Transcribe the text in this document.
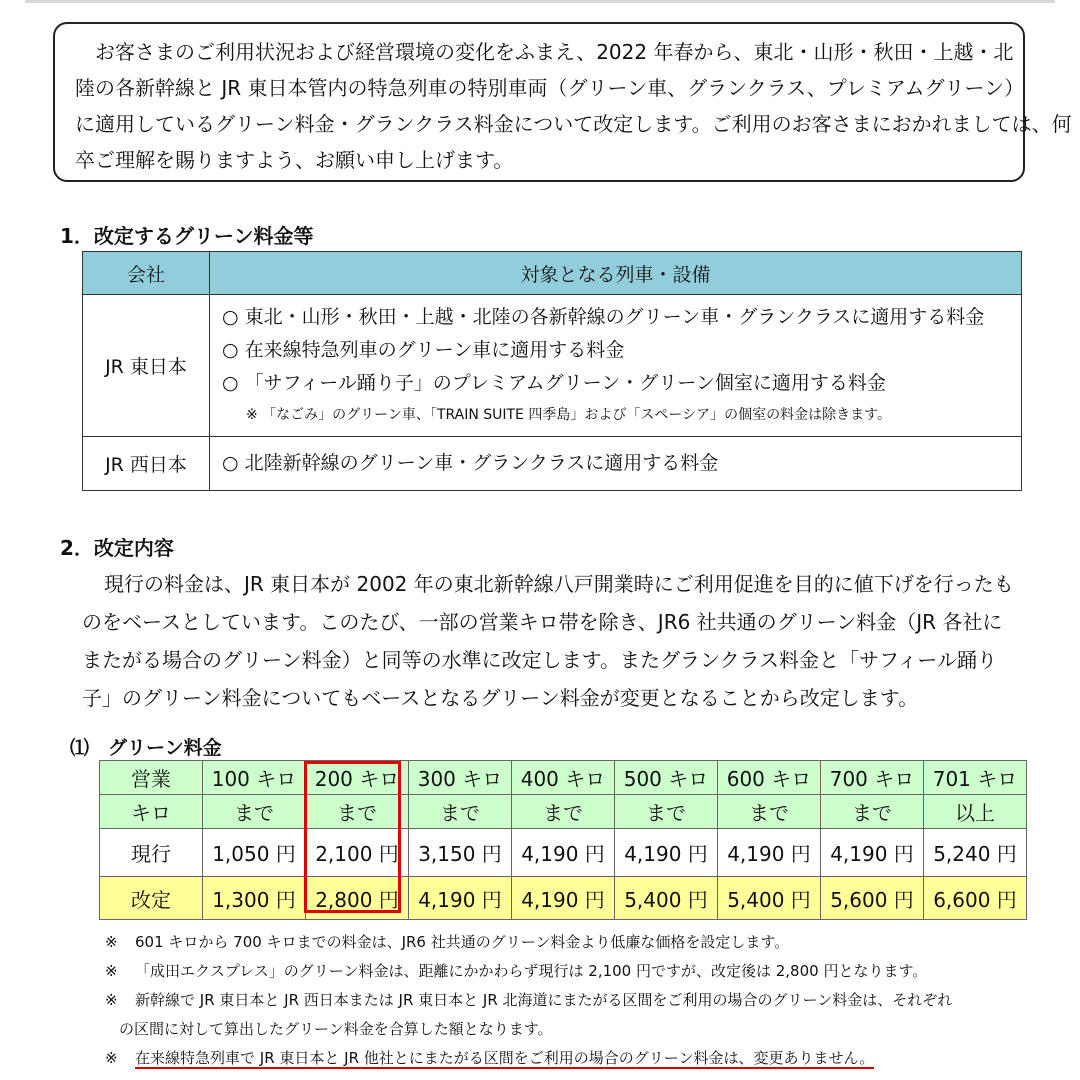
お客さまのご利用状況および経営環境の変化をふまえ、2022 年春から、東北・山形・秋田・上越・北
陸の各新幹線と JR 東日本管内の特急列車の特別車両（グリーン車、グランクラス、プレミアムグリーン）
に適用しているグリーン料金・グランクラス料金について改定します。ご利用のお客さまにおかれましては、何
卒ご理解を賜りますよう、お願い申し上げます。
1．改定するグリーン料金等
会社	対象となる列車・設備
JR 東日本	○ 東北・山形・秋田・上越・北陸の各新幹線のグリーン車・グランクラスに適用する料金
○ 在来線特急列車のグリーン車に適用する料金
○ 「サフィール踊り子」のプレミアムグリーン・グリーン個室に適用する料金
※ 「なごみ」のグリーン車、「TRAIN SUITE 四季島」および「スペーシア」の個室の料金は除きます。

JR 西日本	○ 北陸新幹線のグリーン車・グランクラスに適用する料金
2．改定内容
現行の料金は、JR 東日本が 2002 年の東北新幹線八戸開業時にご利用促進を目的に値下げを行ったも
のをベースとしています。このたび、一部の営業キロ帯を除き、JR6 社共通のグリーン料金（JR 各社に
またがる場合のグリーン料金）と同等の水準に改定します。またグランクラス料金と「サフィール踊り
子」のグリーン料金についてもベースとなるグリーン料金が変更となることから改定します。
⑴　グリーン料金
営業	100 キロ	200 キロ	300 キロ	400 キロ	500 キロ	600 キロ	700 キロ	701 キロ
キロ	まで	まで	まで	まで	まで	まで	まで	以上
現行	1,050 円	2,100 円	3,150 円	4,190 円	4,190 円	4,190 円	4,190 円	5,240 円
改定	1,300 円	2,800 円	4,190 円	4,190 円	5,400 円	5,400 円	5,600 円	6,600 円
※ 601 キロから 700 キロまでの料金は、JR6 社共通のグリーン料金より低廉な価格を設定します。
※ 「成田エクスプレス」のグリーン料金は、距離にかかわらず現行は 2,100 円ですが、改定後は 2,800 円となります。
※ 新幹線で JR 東日本と JR 西日本または JR 東日本と JR 北海道にまたがる区間をご利用の場合のグリーン料金は、それぞれ
の区間に対して算出したグリーン料金を合算した額となります。
※ 在来線特急列車で JR 東日本と JR 他社とにまたがる区間をご利用の場合のグリーン料金は、変更ありません。
